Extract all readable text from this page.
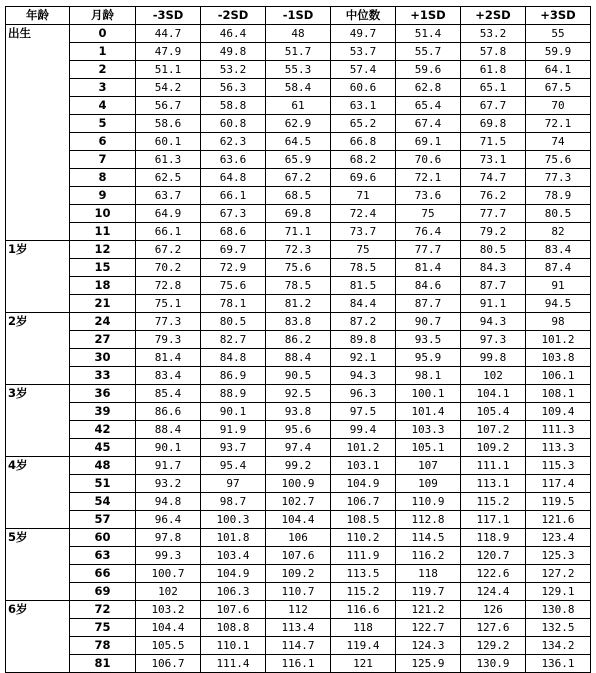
年龄	月龄	-3SD	-2SD	-1SD	中位数	+1SD	+2SD	+3SD
出生	0	44.7	46.4	48	49.7	51.4	53.2	55
	1	47.9	49.8	51.7	53.7	55.7	57.8	59.9
	2	51.1	53.2	55.3	57.4	59.6	61.8	64.1
	3	54.2	56.3	58.4	60.6	62.8	65.1	67.5
	4	56.7	58.8	61	63.1	65.4	67.7	70
	5	58.6	60.8	62.9	65.2	67.4	69.8	72.1
	6	60.1	62.3	64.5	66.8	69.1	71.5	74
	7	61.3	63.6	65.9	68.2	70.6	73.1	75.6
	8	62.5	64.8	67.2	69.6	72.1	74.7	77.3
	9	63.7	66.1	68.5	71	73.6	76.2	78.9
	10	64.9	67.3	69.8	72.4	75	77.7	80.5
	11	66.1	68.6	71.1	73.7	76.4	79.2	82
1岁	12	67.2	69.7	72.3	75	77.7	80.5	83.4
	15	70.2	72.9	75.6	78.5	81.4	84.3	87.4
	18	72.8	75.6	78.5	81.5	84.6	87.7	91
	21	75.1	78.1	81.2	84.4	87.7	91.1	94.5
2岁	24	77.3	80.5	83.8	87.2	90.7	94.3	98
	27	79.3	82.7	86.2	89.8	93.5	97.3	101.2
	30	81.4	84.8	88.4	92.1	95.9	99.8	103.8
	33	83.4	86.9	90.5	94.3	98.1	102	106.1
3岁	36	85.4	88.9	92.5	96.3	100.1	104.1	108.1
	39	86.6	90.1	93.8	97.5	101.4	105.4	109.4
	42	88.4	91.9	95.6	99.4	103.3	107.2	111.3
	45	90.1	93.7	97.4	101.2	105.1	109.2	113.3
4岁	48	91.7	95.4	99.2	103.1	107	111.1	115.3
	51	93.2	97	100.9	104.9	109	113.1	117.4
	54	94.8	98.7	102.7	106.7	110.9	115.2	119.5
	57	96.4	100.3	104.4	108.5	112.8	117.1	121.6
5岁	60	97.8	101.8	106	110.2	114.5	118.9	123.4
	63	99.3	103.4	107.6	111.9	116.2	120.7	125.3
	66	100.7	104.9	109.2	113.5	118	122.6	127.2
	69	102	106.3	110.7	115.2	119.7	124.4	129.1
6岁	72	103.2	107.6	112	116.6	121.2	126	130.8
	75	104.4	108.8	113.4	118	122.7	127.6	132.5
	78	105.5	110.1	114.7	119.4	124.3	129.2	134.2
	81	106.7	111.4	116.1	121	125.9	130.9	136.1
